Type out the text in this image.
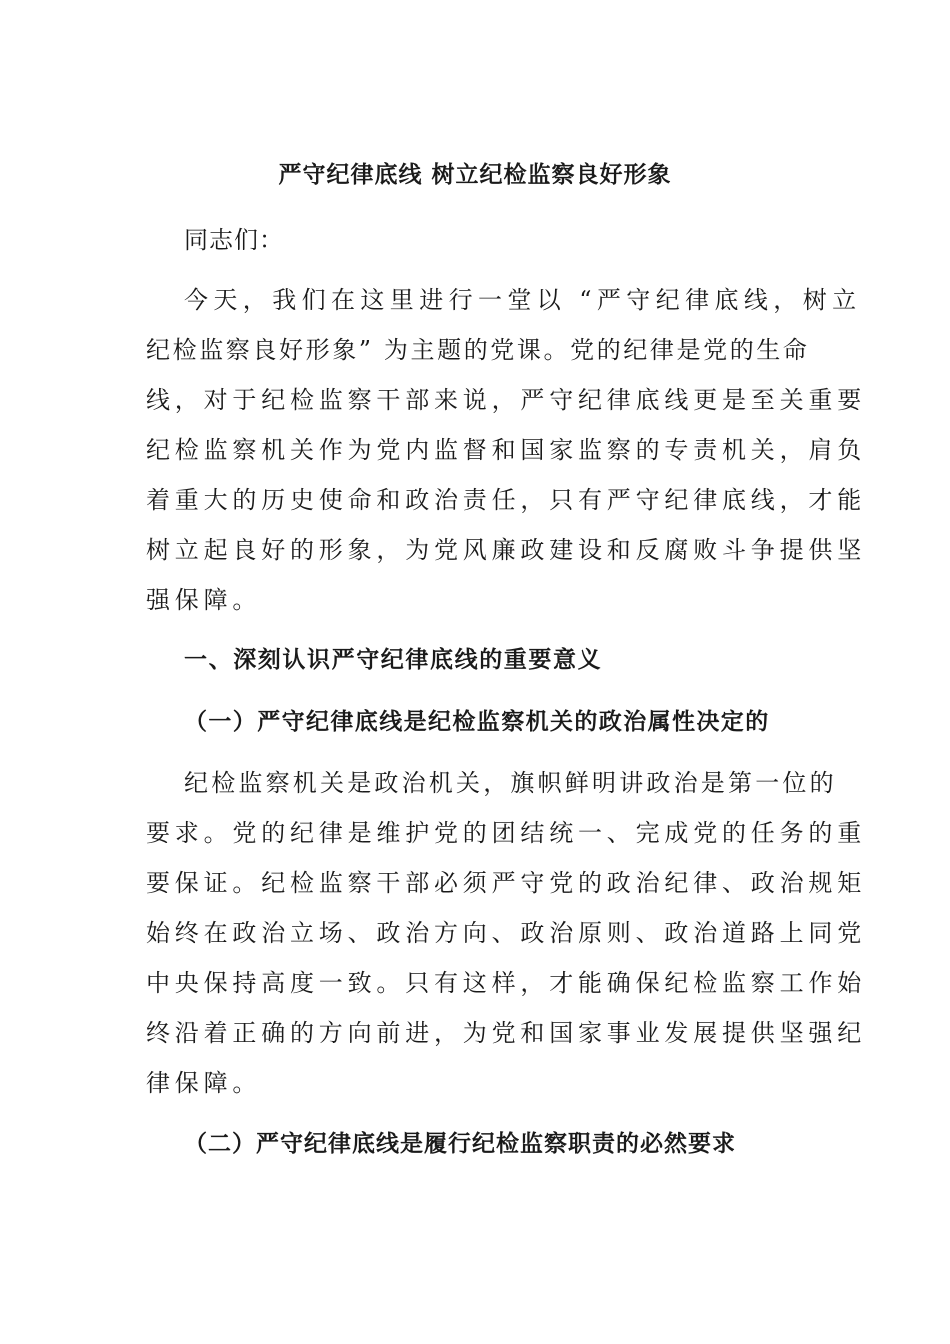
严守纪律底线 树立纪检监察良好形象
同志们：
今天，我们在这里进行一堂以 “严守纪律底线，树立
纪检监察良好形象” 为主题的党课。党的纪律是党的生命
线，对于纪检监察干部来说，严守纪律底线更是至关重要
纪检监察机关作为党内监督和国家监察的专责机关，肩负
着重大的历史使命和政治责任，只有严守纪律底线，才能
树立起良好的形象，为党风廉政建设和反腐败斗争提供坚
强保障。
一、深刻认识严守纪律底线的重要意义
（一）严守纪律底线是纪检监察机关的政治属性决定的
纪检监察机关是政治机关，旗帜鲜明讲政治是第一位的
要求。党的纪律是维护党的团结统一、完成党的任务的重
要保证。纪检监察干部必须严守党的政治纪律、政治规矩
始终在政治立场、政治方向、政治原则、政治道路上同党
中央保持高度一致。只有这样，才能确保纪检监察工作始
终沿着正确的方向前进，为党和国家事业发展提供坚强纪
律保障。
（二）严守纪律底线是履行纪检监察职责的必然要求
